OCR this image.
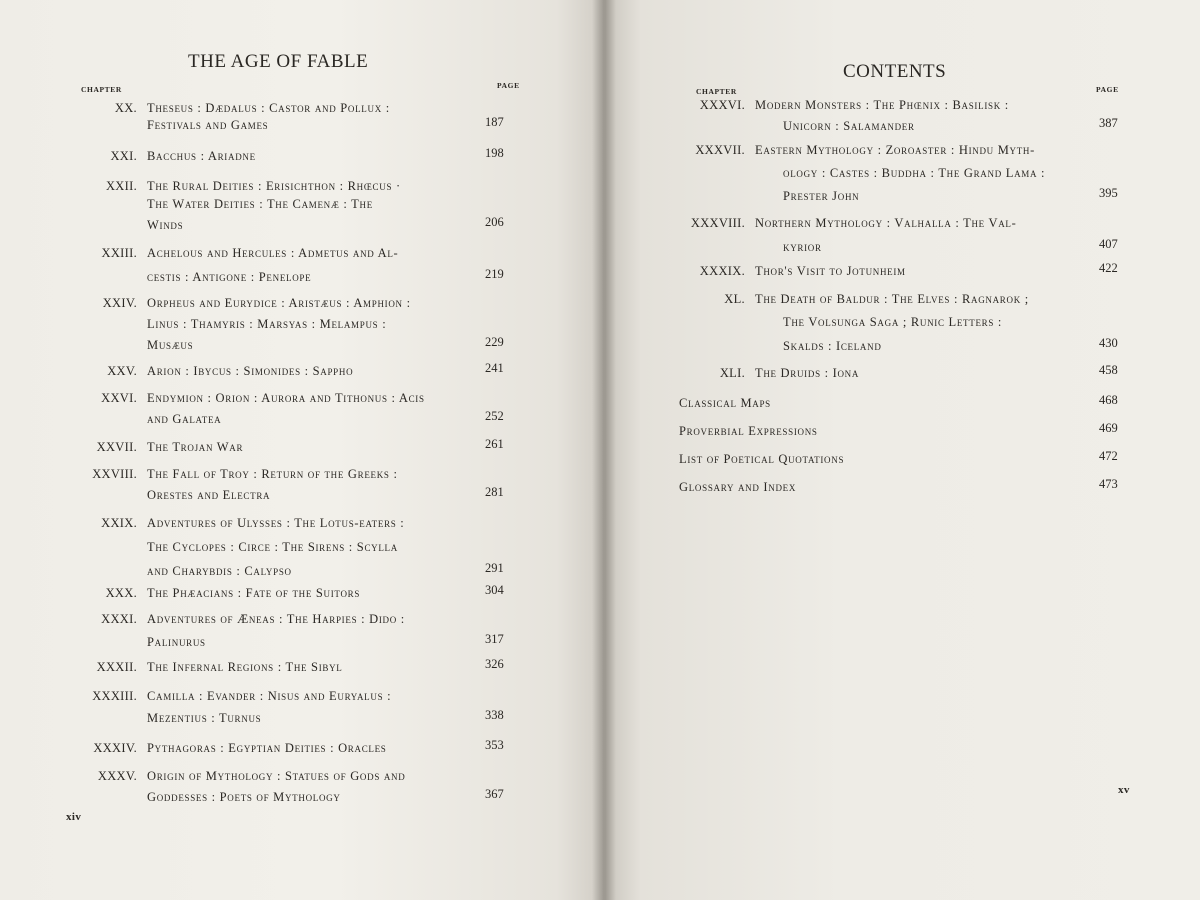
THE AGE OF FABLE
CHAPTER	PAGE
XX. Theseus : Dædalus : Castor and Pollux :
Festivals and Games	187
XXI. Bacchus : Ariadne	198
XXII. The Rural Deities : Erisichthon : Rhœcus ·
The Water Deities : The Camenæ : The
Winds	206
XXIII. Achelous and Hercules : Admetus and Al-
cestis : Antigone : Penelope	219
XXIV. Orpheus and Eurydice : Aristæus : Amphion :
Linus : Thamyris : Marsyas : Melampus :
Musæus	229
XXV. Arion : Ibycus : Simonides : Sappho	241
XXVI. Endymion : Orion : Aurora and Tithonus : Acis
and Galatea	252
XXVII. The Trojan War	261
XXVIII. The Fall of Troy : Return of the Greeks :
Orestes and Electra	281
XXIX. Adventures of Ulysses : The Lotus-eaters :
The Cyclopes : Circe : The Sirens : Scylla
and Charybdis : Calypso	291
XXX. The Phæacians : Fate of the Suitors	304
XXXI. Adventures of Æneas : The Harpies : Dido :
Palinurus	317
XXXII. The Infernal Regions : The Sibyl	326
XXXIII. Camilla : Evander : Nisus and Euryalus :
Mezentius : Turnus	338
XXXIV. Pythagoras : Egyptian Deities : Oracles	353
XXXV. Origin of Mythology : Statues of Gods and
Goddesses : Poets of Mythology	367
xiv
CONTENTS
CHAPTER	PAGE
XXXVI. Modern Monsters : The Phœnix : Basilisk :
Unicorn : Salamander	387
XXXVII. Eastern Mythology : Zoroaster : Hindu Myth-
ology : Castes : Buddha : The Grand Lama :
Prester John	395
XXXVIII. Northern Mythology : Valhalla : The Val-
kyrior	407
XXXIX. Thor's Visit to Jotunheim	422
XL. The Death of Baldur : The Elves : Ragnarok ;
The Volsunga Saga ; Runic Letters :
Skalds : Iceland	430
XLI. The Druids : Iona	458
Classical Maps	468
Proverbial Expressions	469
List of Poetical Quotations	472
Glossary and Index	473
xv
